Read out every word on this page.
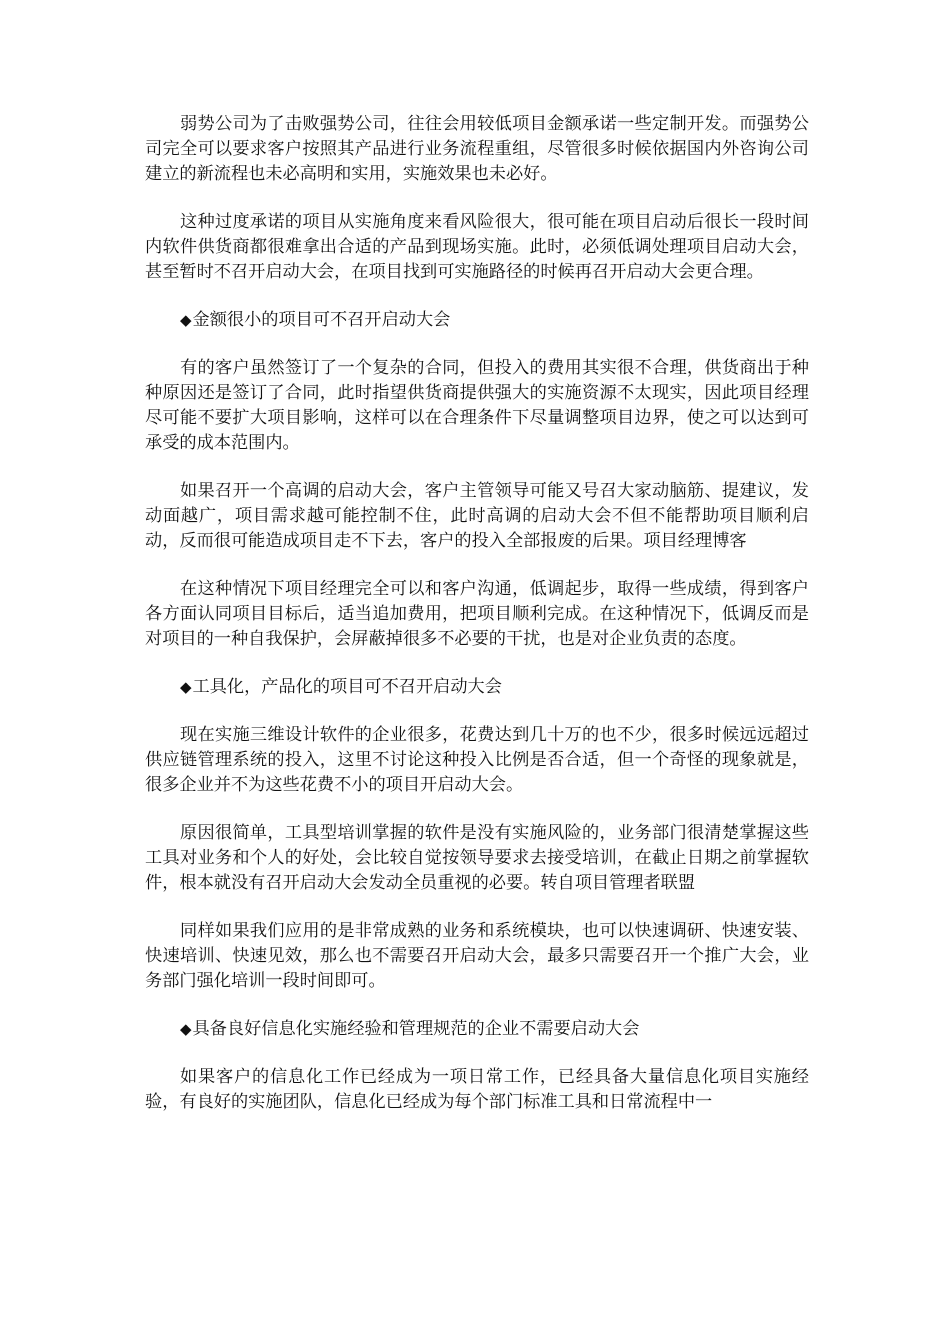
弱势公司为了击败强势公司，往往会用较低项目金额承诺一些定制开发。而强势公司完全可以要求客户按照其产品进行业务流程重组，尽管很多时候依据国内外咨询公司建立的新流程也未必高明和实用，实施效果也未必好。

这种过度承诺的项目从实施角度来看风险很大，很可能在项目启动后很长一段时间内软件供货商都很难拿出合适的产品到现场实施。此时，必须低调处理项目启动大会，甚至暂时不召开启动大会，在项目找到可实施路径的时候再召开启动大会更合理。

◆金额很小的项目可不召开启动大会

有的客户虽然签订了一个复杂的合同，但投入的费用其实很不合理，供货商出于种种原因还是签订了合同，此时指望供货商提供强大的实施资源不太现实，因此项目经理尽可能不要扩大项目影响，这样可以在合理条件下尽量调整项目边界，使之可以达到可承受的成本范围内。

如果召开一个高调的启动大会，客户主管领导可能又号召大家动脑筋、提建议，发动面越广，项目需求越可能控制不住，此时高调的启动大会不但不能帮助项目顺利启动，反而很可能造成项目走不下去，客户的投入全部报废的后果。项目经理博客

在这种情况下项目经理完全可以和客户沟通，低调起步，取得一些成绩，得到客户各方面认同项目目标后，适当追加费用，把项目顺利完成。在这种情况下，低调反而是对项目的一种自我保护，会屏蔽掉很多不必要的干扰，也是对企业负责的态度。

◆工具化，产品化的项目可不召开启动大会

现在实施三维设计软件的企业很多，花费达到几十万的也不少，很多时候远远超过供应链管理系统的投入，这里不讨论这种投入比例是否合适，但一个奇怪的现象就是，很多企业并不为这些花费不小的项目开启动大会。

原因很简单，工具型培训掌握的软件是没有实施风险的，业务部门很清楚掌握这些工具对业务和个人的好处，会比较自觉按领导要求去接受培训，在截止日期之前掌握软件，根本就没有召开启动大会发动全员重视的必要。转自项目管理者联盟

同样如果我们应用的是非常成熟的业务和系统模块，也可以快速调研、快速安装、快速培训、快速见效，那么也不需要召开启动大会，最多只需要召开一个推广大会，业务部门强化培训一段时间即可。

◆具备良好信息化实施经验和管理规范的企业不需要启动大会

如果客户的信息化工作已经成为一项日常工作，已经具备大量信息化项目实施经验，有良好的实施团队，信息化已经成为每个部门标准工具和日常流程中一
